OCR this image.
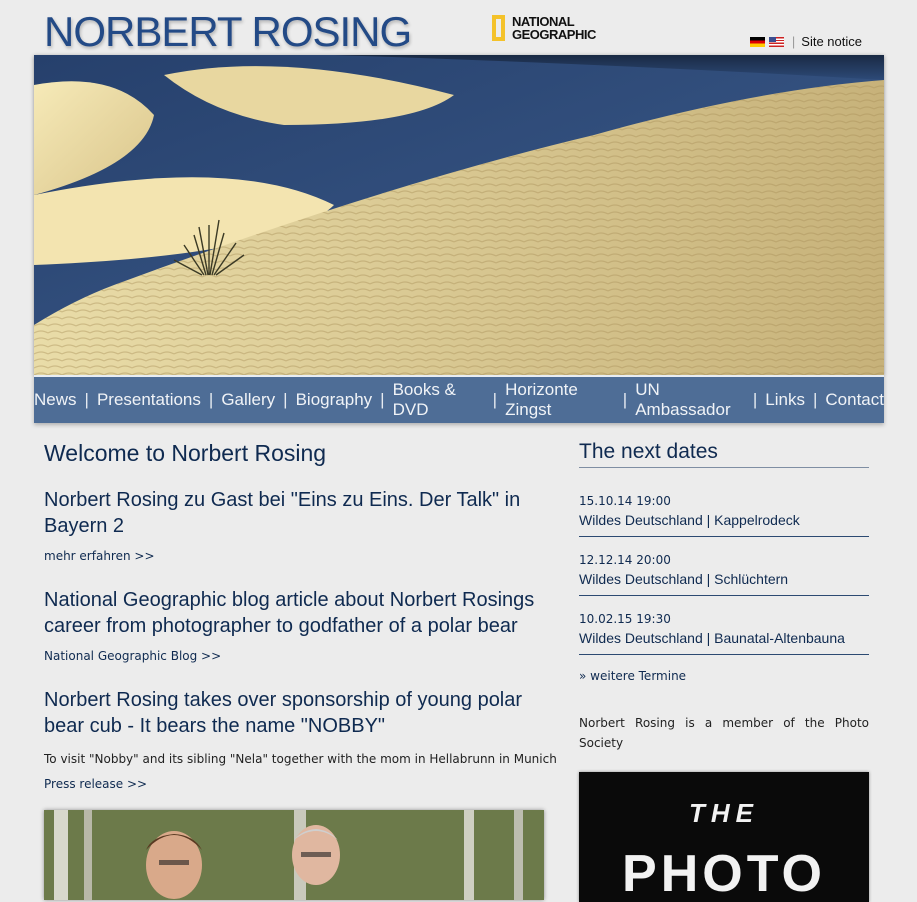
NORBERT ROSING	NATIONAL
GEOGRAPHIC	| Site notice
News | Presentations | Gallery | Biography |
Books & DVD
|
Horizonte Zingst
|
UN Ambassador
| Links | Contact
Welcome to Norbert Rosing
Norbert Rosing zu Gast bei "Eins zu Eins. Der Talk" in Bayern 2
mehr erfahren >>
National Geographic blog article about Norbert Rosings career from photographer to godfather of a polar bear
National Geographic Blog >>
Norbert Rosing takes over sponsorship of young polar bear cub - It bears the name "NOBBY"

To visit "Nobby" and its sibling "Nela" together with the mom in Hellabrunn in Munich

Press release >>
The next dates
15.10.14 19:00
Wildes Deutschland | Kappelrodeck
12.12.14 20:00
Wildes Deutschland | Schlüchtern
10.02.15 19:30
Wildes Deutschland | Baunatal-Altenbauna
» weitere Termine
Norbert Rosing is a member of the Photo Society
THE
PHOTO
